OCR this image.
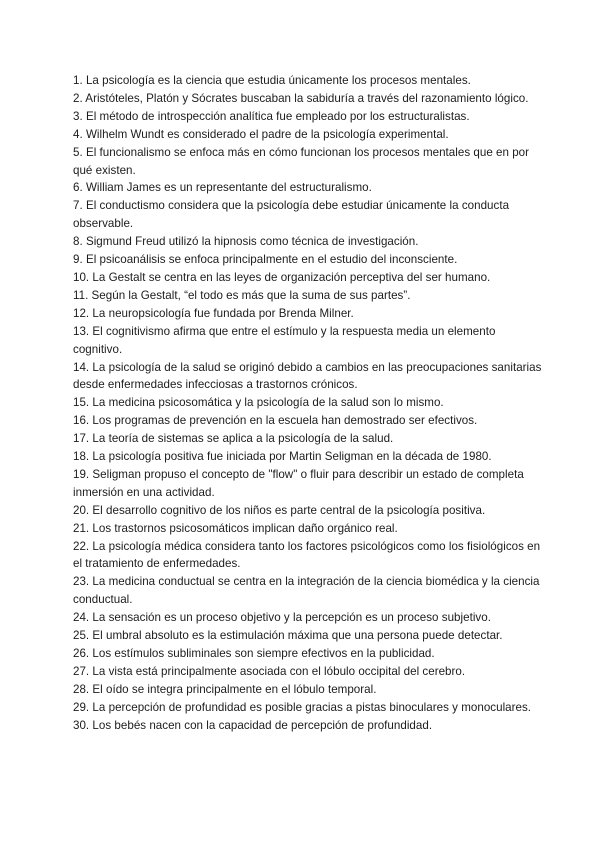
1. La psicología es la ciencia que estudia únicamente los procesos mentales.
2. Aristóteles, Platón y Sócrates buscaban la sabiduría a través del razonamiento lógico.
3. El método de introspección analítica fue empleado por los estructuralistas.
4. Wilhelm Wundt es considerado el padre de la psicología experimental.
5. El funcionalismo se enfoca más en cómo funcionan los procesos mentales que en por qué existen.
6. William James es un representante del estructuralismo.
7. El conductismo considera que la psicología debe estudiar únicamente la conducta observable.
8. Sigmund Freud utilizó la hipnosis como técnica de investigación.
9. El psicoanálisis se enfoca principalmente en el estudio del inconsciente.
10. La Gestalt se centra en las leyes de organización perceptiva del ser humano.
11. Según la Gestalt, “el todo es más que la suma de sus partes”.
12. La neuropsicología fue fundada por Brenda Milner.
13. El cognitivismo afirma que entre el estímulo y la respuesta media un elemento cognitivo.
14. La psicología de la salud se originó debido a cambios en las preocupaciones sanitarias desde enfermedades infecciosas a trastornos crónicos.
15. La medicina psicosomática y la psicología de la salud son lo mismo.
16. Los programas de prevención en la escuela han demostrado ser efectivos.
17. La teoría de sistemas se aplica a la psicología de la salud.
18. La psicología positiva fue iniciada por Martin Seligman en la década de 1980.
19. Seligman propuso el concepto de "flow" o fluir para describir un estado de completa inmersión en una actividad.
20. El desarrollo cognitivo de los niños es parte central de la psicología positiva.
21. Los trastornos psicosomáticos implican daño orgánico real.
22. La psicología médica considera tanto los factores psicológicos como los fisiológicos en el tratamiento de enfermedades.
23. La medicina conductual se centra en la integración de la ciencia biomédica y la ciencia conductual.
24. La sensación es un proceso objetivo y la percepción es un proceso subjetivo.
25. El umbral absoluto es la estimulación máxima que una persona puede detectar.
26. Los estímulos subliminales son siempre efectivos en la publicidad.
27. La vista está principalmente asociada con el lóbulo occipital del cerebro.
28. El oído se integra principalmente en el lóbulo temporal.
29. La percepción de profundidad es posible gracias a pistas binoculares y monoculares.
30. Los bebés nacen con la capacidad de percepción de profundidad.
